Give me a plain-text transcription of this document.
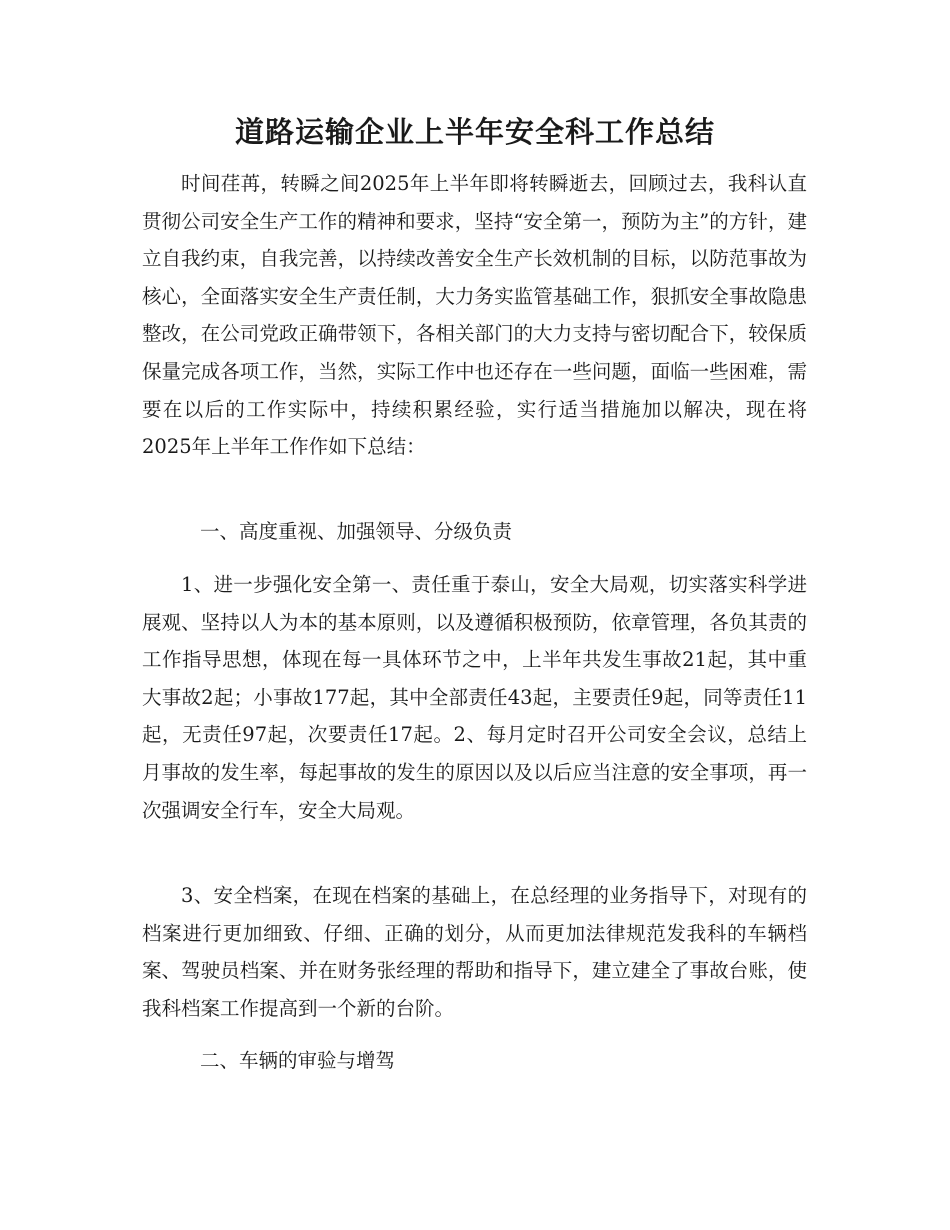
道路运输企业上半年安全科工作总结

时间荏苒，转瞬之间2025年上半年即将转瞬逝去，回顾过去，我科认直贯彻公司安全生产工作的精神和要求，坚持“安全第一，预防为主”的方针，建立自我约束，自我完善，以持续改善安全生产长效机制的目标，以防范事故为核心，全面落实安全生产责任制，大力务实监管基础工作，狠抓安全事故隐患整改，在公司党政正确带领下，各相关部门的大力支持与密切配合下，较保质保量完成各项工作，当然，实际工作中也还存在一些问题，面临一些困难，需要在以后的工作实际中，持续积累经验，实行适当措施加以解决，现在将2025年上半年工作作如下总结：

一、高度重视、加强领导、分级负责

1、进一步强化安全第一、责任重于泰山，安全大局观，切实落实科学进展观、坚持以人为本的基本原则，以及遵循积极预防，依章管理，各负其责的工作指导思想，体现在每一具体环节之中，上半年共发生事故21起，其中重大事故2起；小事故177起，其中全部责任43起，主要责任9起，同等责任11起，无责任97起，次要责任17起。2、每月定时召开公司安全会议，总结上月事故的发生率，每起事故的发生的原因以及以后应当注意的安全事项，再一次强调安全行车，安全大局观。

3、安全档案，在现在档案的基础上，在总经理的业务指导下，对现有的档案进行更加细致、仔细、正确的划分，从而更加法律规范发我科的车辆档案、驾驶员档案、并在财务张经理的帮助和指导下，建立建全了事故台账，使我科档案工作提高到一个新的台阶。

二、车辆的审验与增驾
